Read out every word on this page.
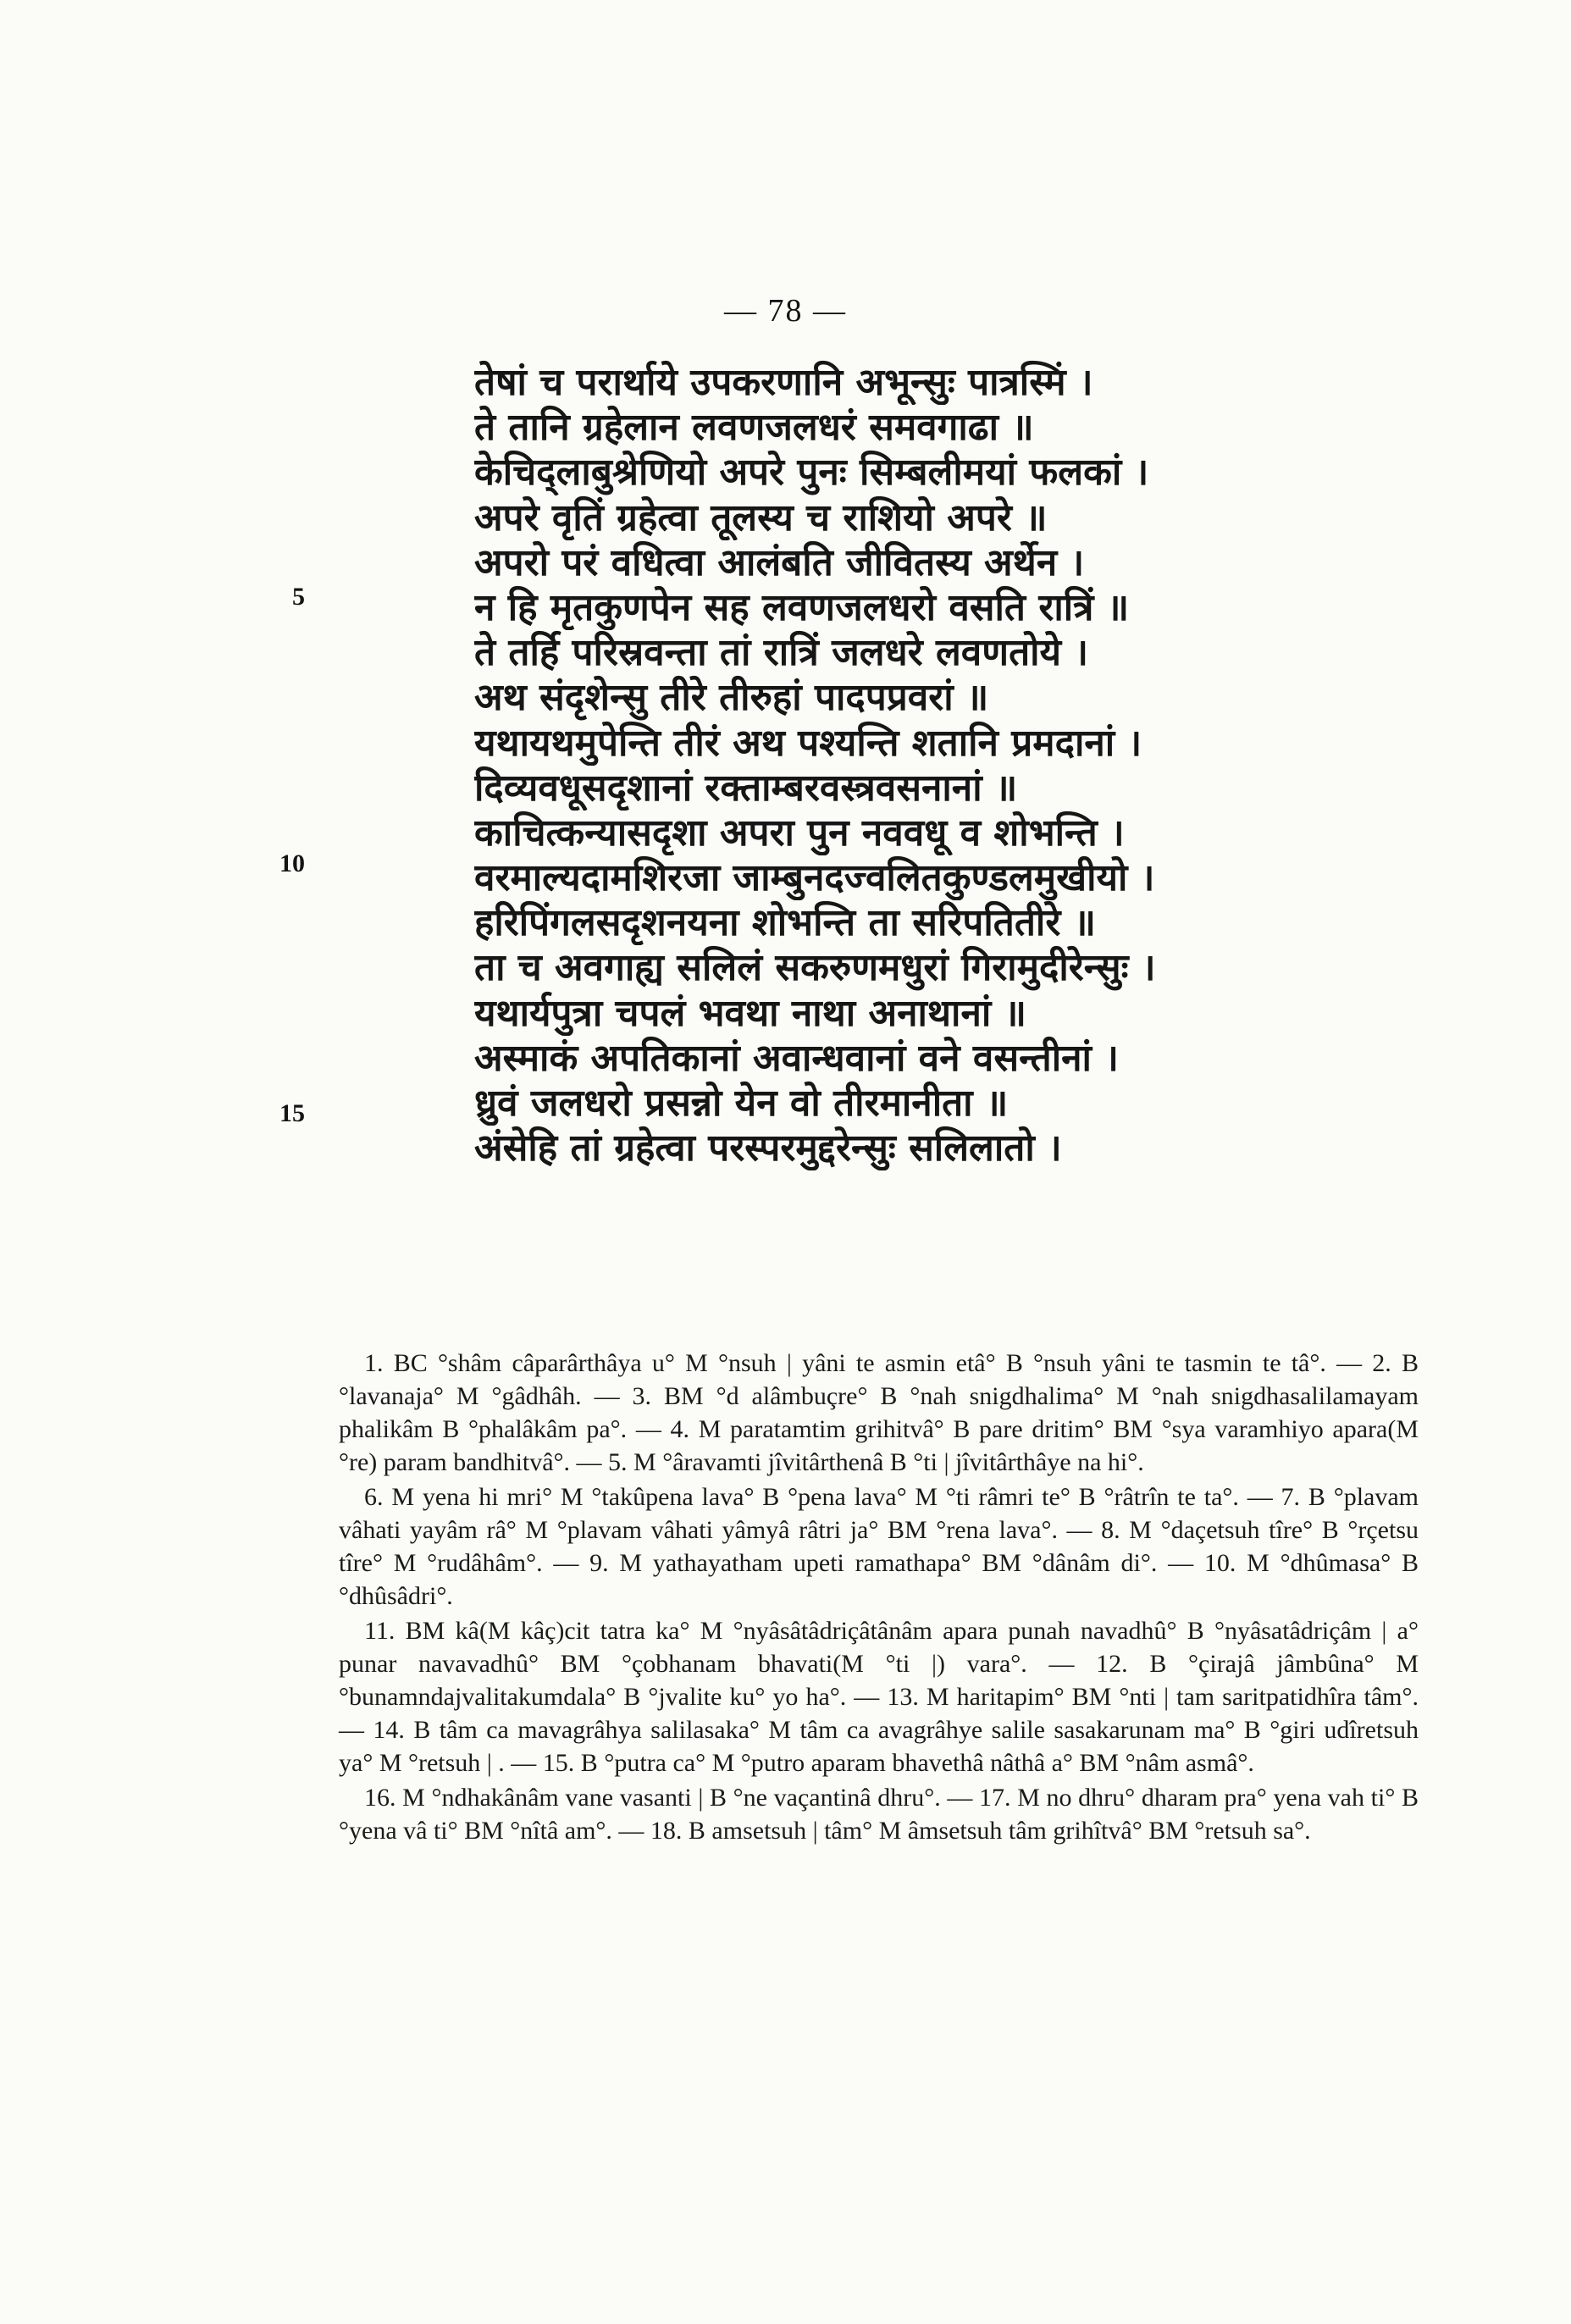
— 78 —
5
10
15
तेषां च परार्थाये उपकरणानि अभून्सुः पात्रस्मिं ।
ते तानि ग्रहेलान लवणजलधरं समवगाढा ॥
केचिद्लाबुश्रेणियो अपरे पुनः सिम्बलीमयां फलकां ।
अपरे वृतिं ग्रहेत्वा तूलस्य च राशियो अपरे ॥
अपरो परं वधित्वा आलंबति जीवितस्य अर्थेन ।
न हि मृतकुणपेन सह लवणजलधरो वसति रात्रिं ॥
ते तर्हि परिस्रवन्ता तां रात्रिं जलधरे लवणतोये ।
अथ संदृशेन्सु तीरे तीरुहां पादपप्रवरां ॥
यथायथमुपेन्ति तीरं अथ पश्यन्ति शतानि प्रमदानां ।
दिव्यवधूसदृशानां रक्ताम्बरवस्त्रवसनानां ॥
काचित्कन्यासदृशा अपरा पुन नववधू व शोभन्ति ।
वरमाल्यदामशिरजा जाम्बुनदज्वलितकुण्डलमुखीयो ।
हरिपिंगलसदृशनयना शोभन्ति ता सरिपतितीरे ॥
ता च अवगाह्य सलिलं सकरुणमधुरां गिरामुदीरेन्सुः ।
यथार्यपुत्रा चपलं भवथा नाथा अनाथानां ॥
अस्माकं अपतिकानां अवान्धवानां वने वसन्तीनां ।
ध्रुवं जलधरो प्रसन्नो येन वो तीरमानीता ॥
अंसेहि तां ग्रहेत्वा परस्परमुद्दरेन्सुः सलिलातो ।

1. BC °shâm câparârthâya u° M °nsuh | yâni te asmin etâ° B °nsuh yâni te tasmin te tâ°. — 2. B °lavanaja° M °gâdhâh. — 3. BM °d alâmbuçre° B °nah snigdhalima° M °nah snigdhasalilamayam phalikâm B °phalâkâm pa°. — 4. M paratamtim grihitvâ° B pare dritim° BM °sya varamhiyo apara(M °re) param bandhitvâ°. — 5. M °âravamti jîvitârthenâ B °ti | jîvitârthâye na hi°.

6. M yena hi mri° M °takûpena lava° B °pena lava° M °ti râmri te° B °râtrîn te ta°. — 7. B °plavam vâhati yayâm râ° M °plavam vâhati yâmyâ râtri ja° BM °rena lava°. — 8. M °daçetsuh tîre° B °rçetsu tîre° M °rudâhâm°. — 9. M yathayatham upeti ramathapa° BM °dânâm di°. — 10. M °dhûmasa° B °dhûsâdri°.

11. BM kâ(M kâç)cit tatra ka° M °nyâsâtâdriçâtânâm apara punah navadhû° B °nyâsatâdriçâm | a° punar navavadhû° BM °çobhanam bhavati(M °ti |) vara°. — 12. B °çirajâ jâmbûna° M °bunamndajvalitakumdala° B °jvalite ku° yo ha°. — 13. M haritapim° BM °nti | tam saritpatidhîra tâm°. — 14. B tâm ca mavagrâhya salilasaka° M tâm ca avagrâhye salile sasakarunam ma° B °giri udîretsuh ya° M °retsuh | . — 15. B °putra ca° M °putro aparam bhavethâ nâthâ a° BM °nâm asmâ°.

16. M °ndhakânâm vane vasanti | B °ne vaçantinâ dhru°. — 17. M no dhru° dharam pra° yena vah ti° B °yena vâ ti° BM °nîtâ am°. — 18. B amsetsuh | tâm° M âmsetsuh tâm grihîtvâ° BM °retsuh sa°.
